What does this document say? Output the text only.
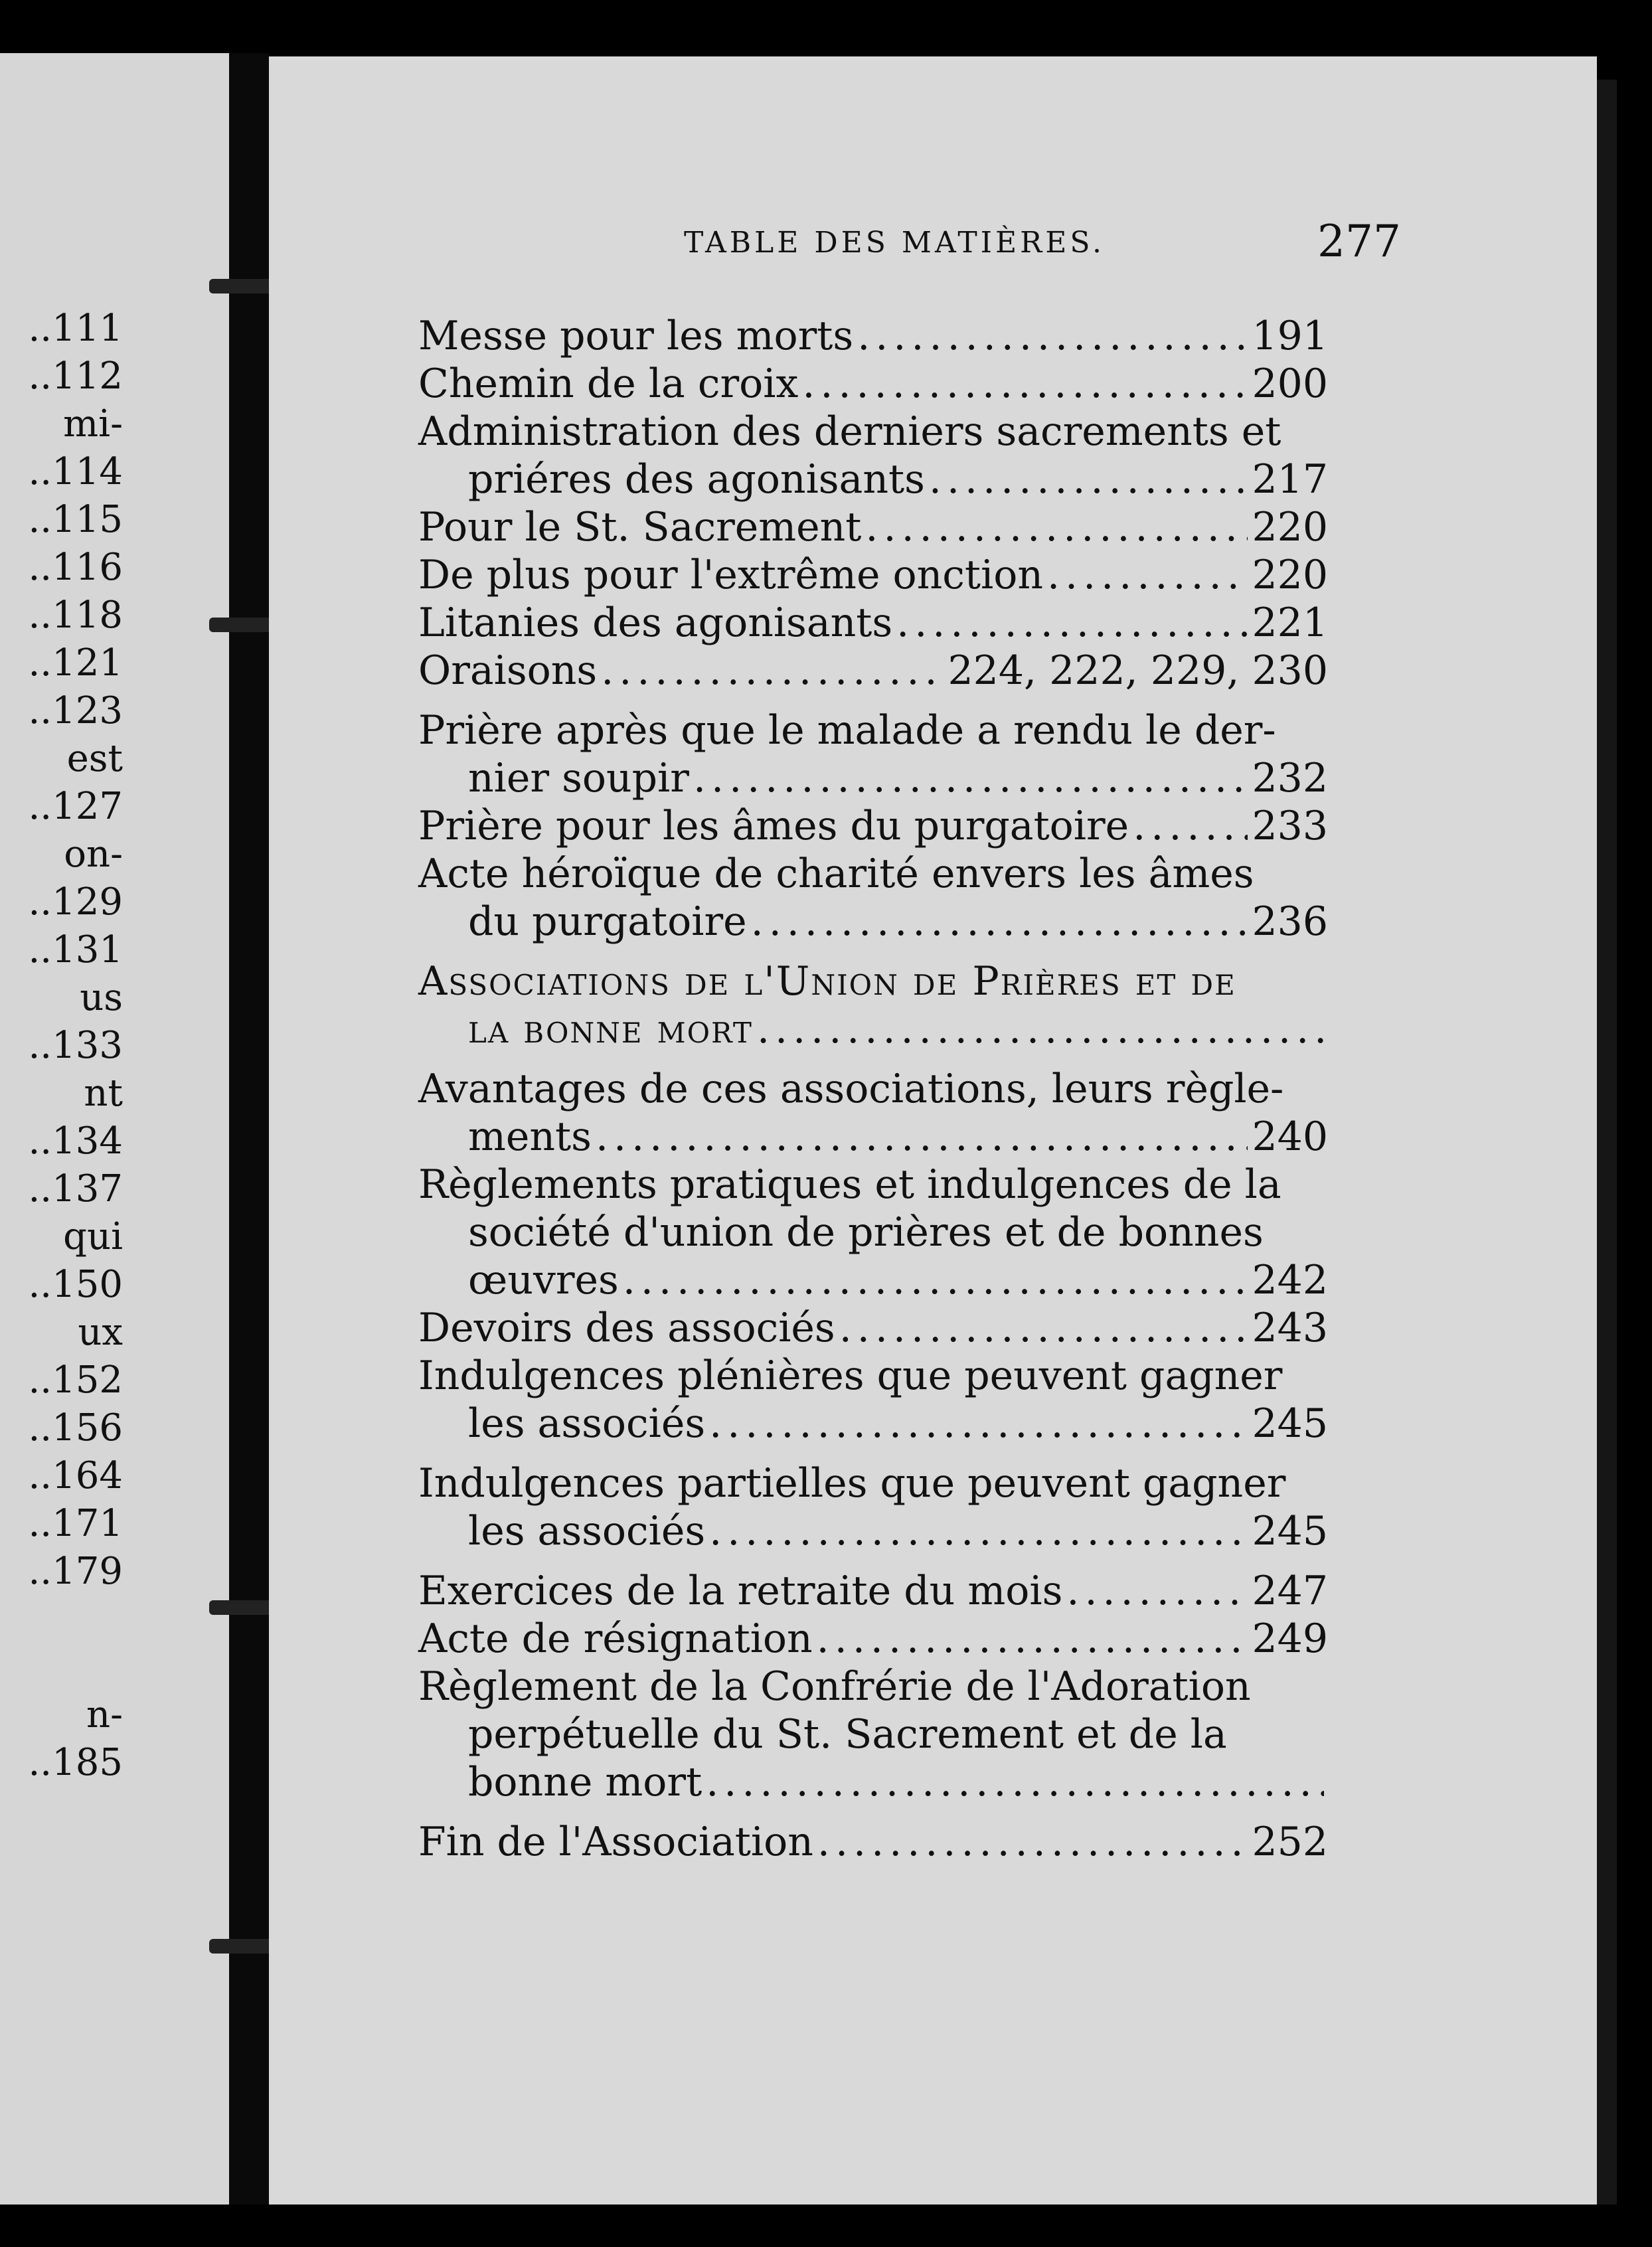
..111
..112
mi-
..114
..115
..116
..118
..121
..123
est
..127
on-
..129
..131
us
..133
nt
..134
..137
qui
..150
ux
..152
..156
..164
..171
..179
n-
..185
TABLE DES MATIÈRES.	277
Messe pour les morts .....	191
Chemin de la croix .....	200
Administration des derniers sacrements et
priéres des agonisants .....	217
Pour le St. Sacrement .....	220
De plus pour l'extrême onction .....	220
Litanies des agonisants .....	221
Oraisons .....	224, 222, 229, 230
Prière après que le malade a rendu le der-
nier soupir .....	232
Prière pour les âmes du purgatoire .....	233
Acte héroïque de charité envers les âmes
du purgatoire .....	236
Associations de l'Union de Prières et de
la bonne mort
.....
Avantages de ces associations, leurs règle-
ments .....	240
Règlements pratiques et indulgences de la
société d'union de prières et de bonnes
œuvres .....	242
Devoirs des associés .....	243
Indulgences plénières que peuvent gagner
les associés .....	245
Indulgences partielles que peuvent gagner
les associés .....	245
Exercices de la retraite du mois .....	247
Acte de résignation .....	249
Règlement de la Confrérie de l'Adoration
perpétuelle du St. Sacrement et de la
bonne mort
.....
Fin de l'Association .....	252
